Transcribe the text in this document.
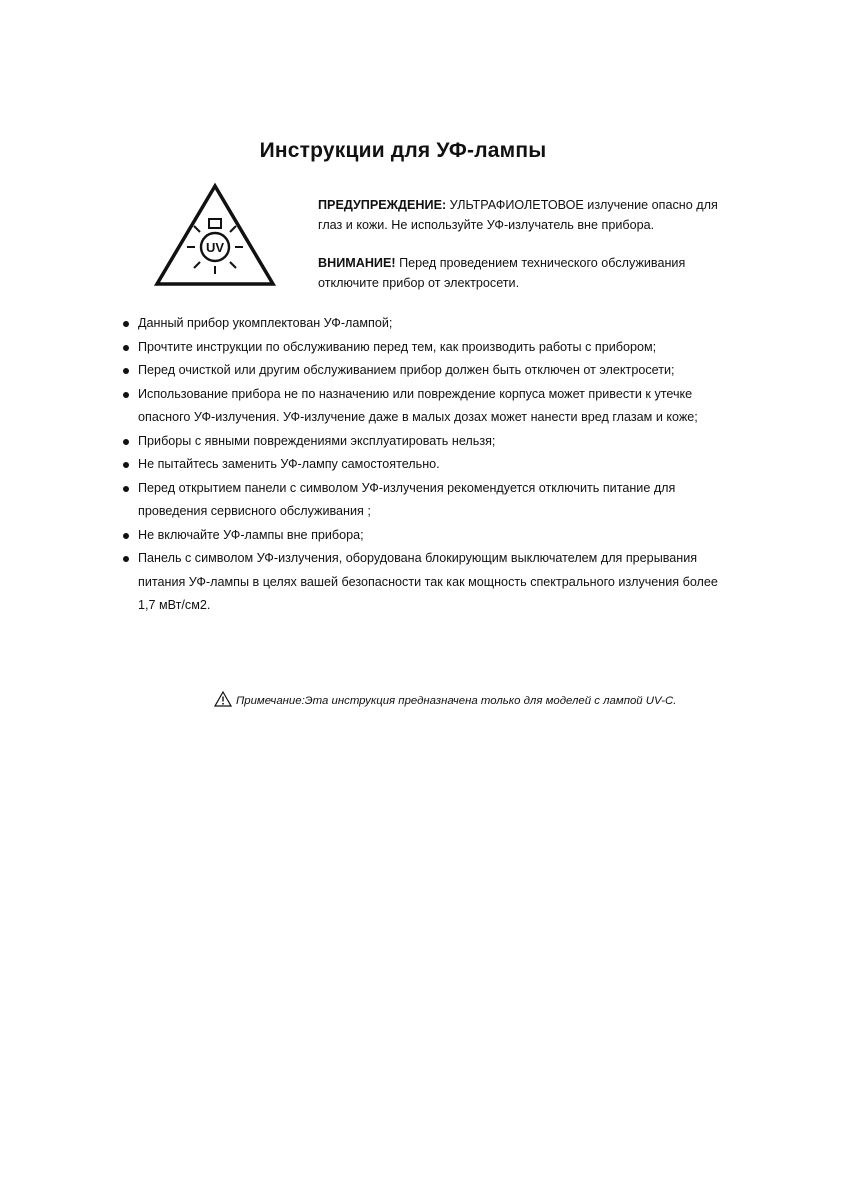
Инструкции для УФ-лампы
UV

ПРЕДУПРЕЖДЕНИЕ: УЛЬТРАФИОЛЕТОВОЕ излучение опасно для глаз и кожи. Не используйте УФ-излучатель вне прибора.

ВНИМАНИЕ! Перед проведением технического обслуживания отключите прибор от электросети.

Данный прибор укомплектован УФ-лампой;
Прочтите инструкции по обслуживанию перед тем, как производить работы с прибором;
Перед очисткой или другим обслуживанием прибор должен быть отключен от электросети;
Использование прибора не по назначению или повреждение корпуса может привести к утечке опасного УФ-излучения. УФ-излучение даже в малых дозах может нанести вред глазам и коже;
Приборы с явными повреждениями эксплуатировать нельзя;
Не пытайтесь заменить УФ-лампу самостоятельно.
Перед открытием панели с символом УФ-излучения рекомендуется отключить питание для проведения сервисного обслуживания ;
Не включайте УФ-лампы вне прибора;
Панель с символом УФ-излучения, оборудована блокирующим выключателем для прерывания питания УФ-лампы в целях вашей безопасности так как мощность спектрального излучения более 1,7 мВт/см2.
Примечание:Эта инструкция предназначена только для моделей с лампой UV-C.
